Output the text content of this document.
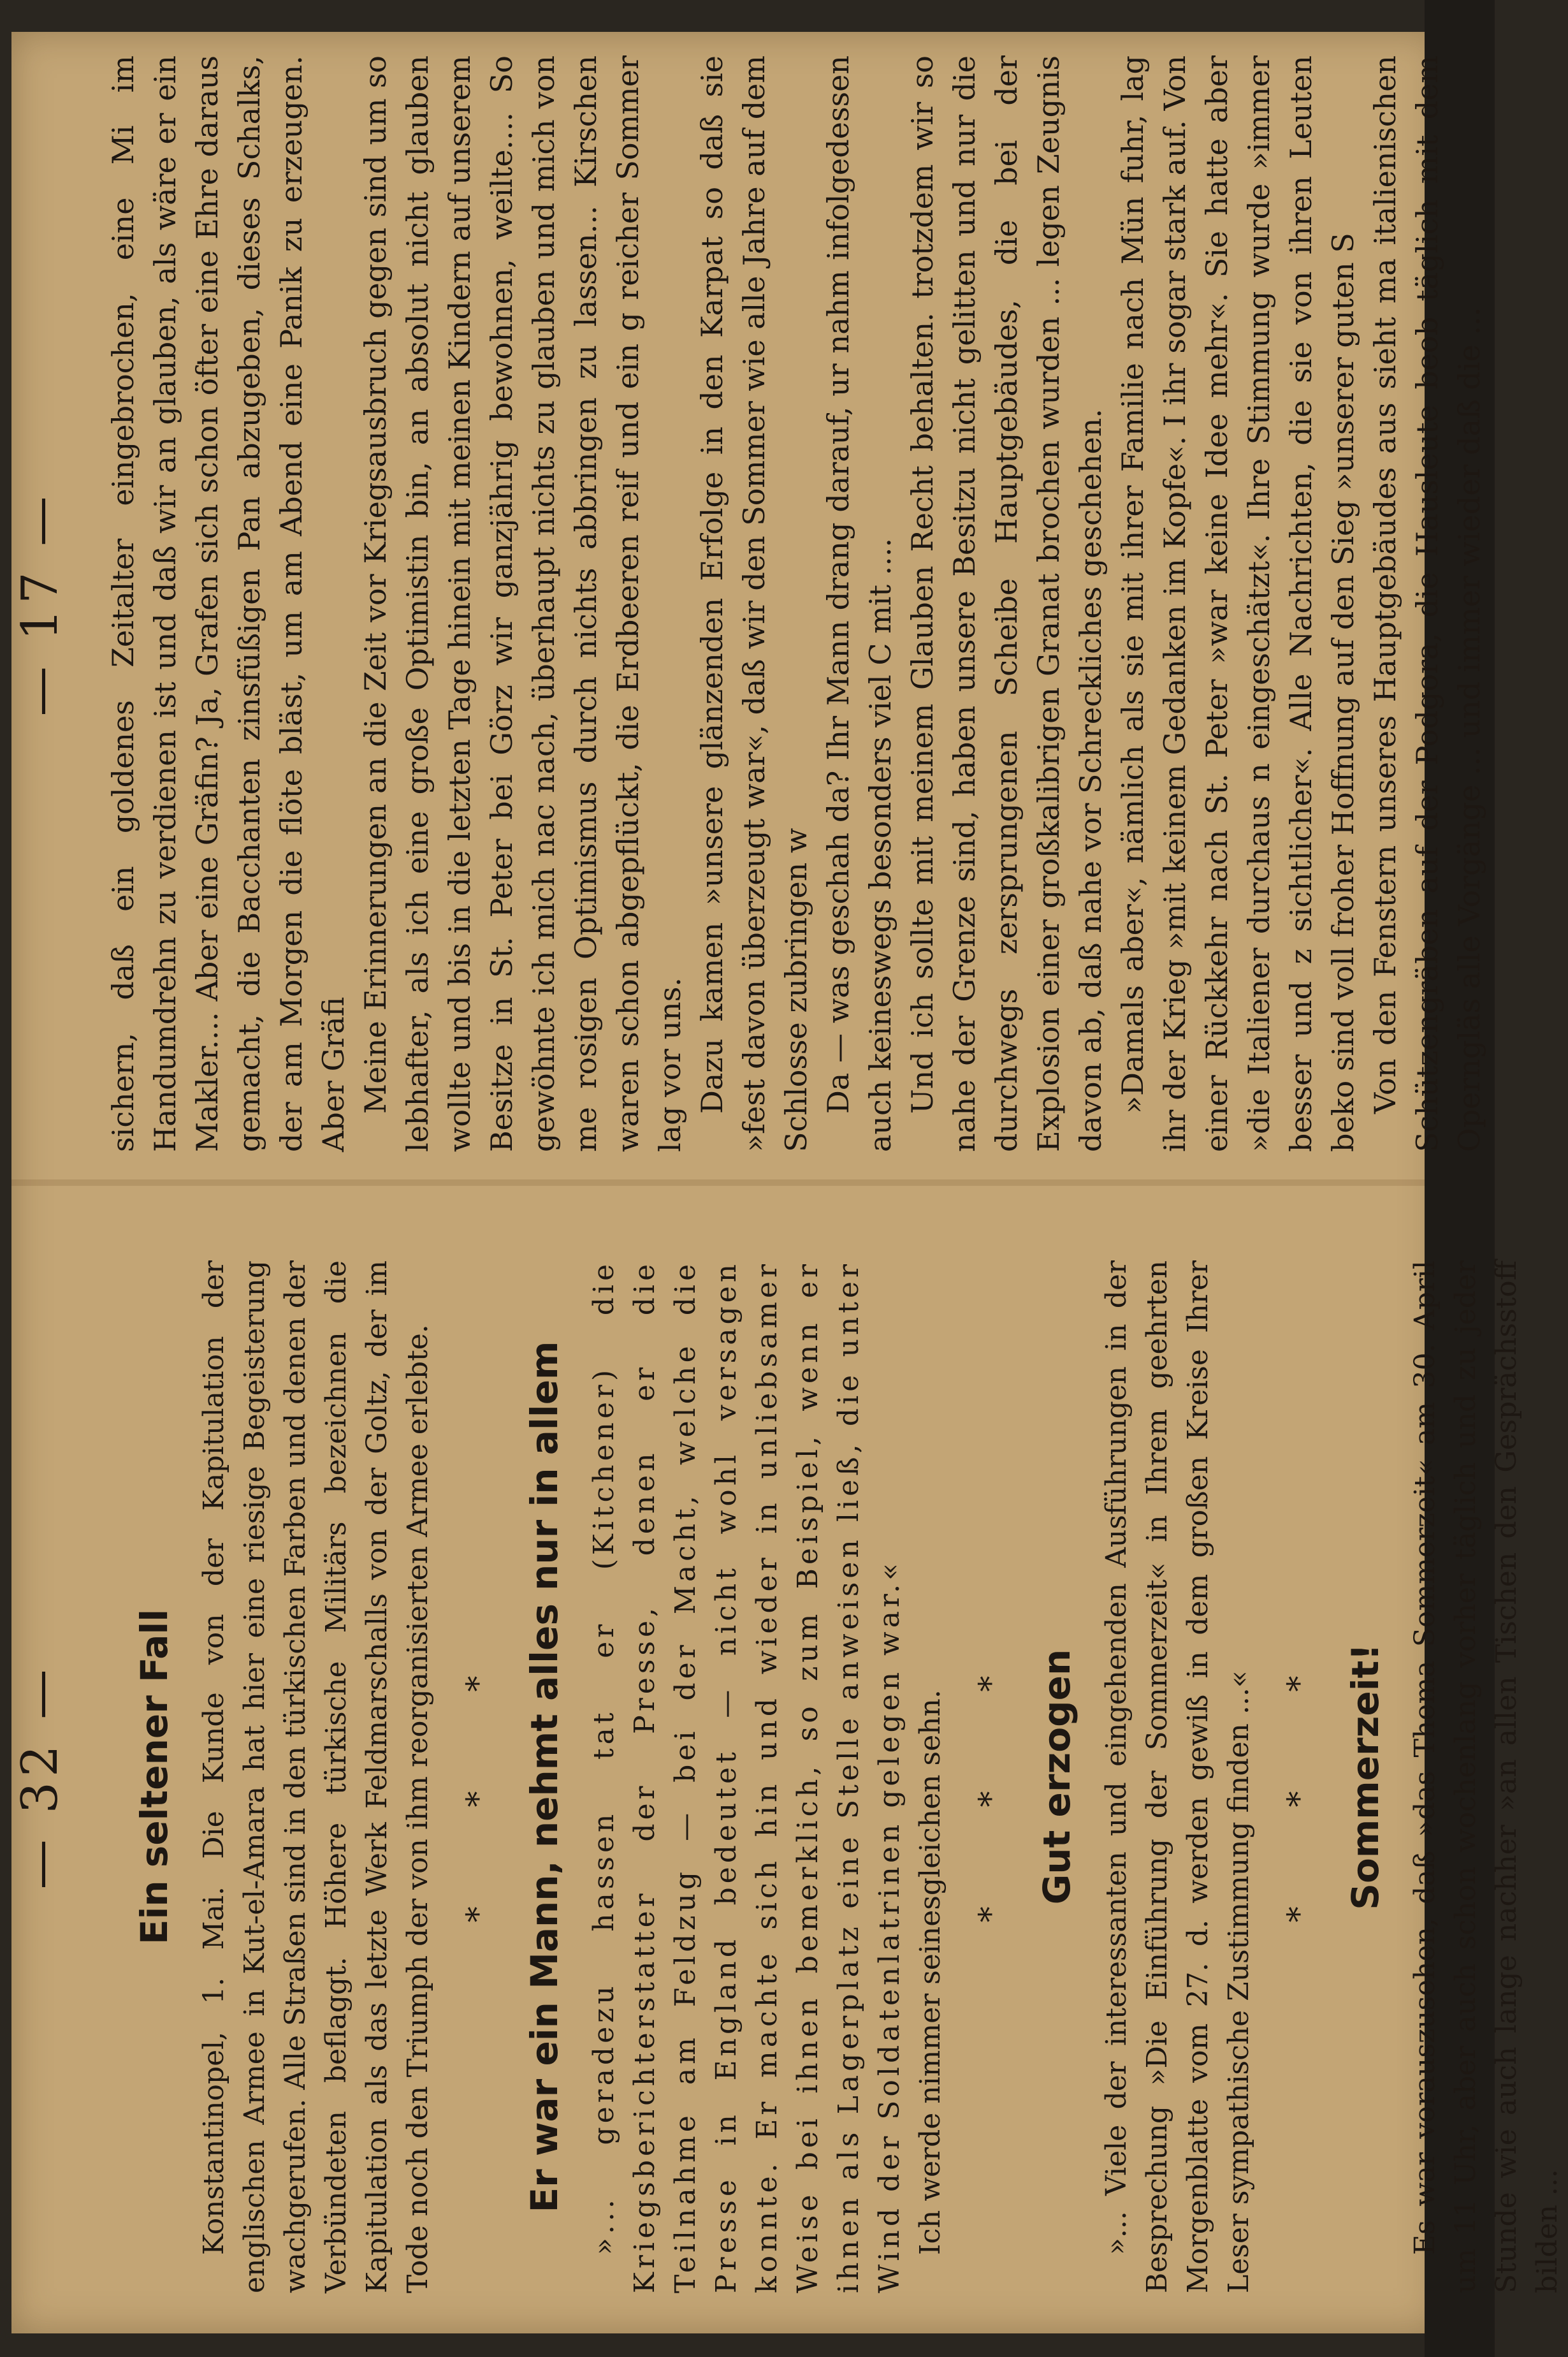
— 32 — Ein seltener Fall Konstantinopel, 1. Mai. Die Kunde von der Kapitulation der englischen Armee in Kut-el-Amara hat hier eine riesige Begeisterung wachgerufen. Alle Straßen sind in den türkischen Farben und denen der Verbündeten beflaggt. Höhere türkische Militärs bezeichnen die Kapitulation als das letzte Werk Feldmarschalls von der Goltz, der im Tode noch den Triumph der von ihm reorganisierten Armee erlebte. * * * Er war ein Mann, nehmt alles nur in allem »... geradezu hassen tat er (Kitchener) die Kriegsberichterstatter der Presse, denen er die Teilnahme am Feldzug — bei der Macht, welche die Presse in England bedeutet — nicht wohl versagen konnte. Er machte sich hin und wieder in unliebsamer Weise bei ihnen bemerklich, so zum Beispiel, wenn er ihnen als Lagerplatz eine Stelle anweisen ließ, die unter Wind der Soldatenlatrinen gelegen war.« Ich werde nimmer seinesgleichen sehn. * * * Gut erzogen »... Viele der interessanten und eingehenden Ausführungen in der Besprechung »Die Einführung der Sommerzeit« in Ihrem geehrten Morgenblatte vom 27. d. werden gewiß in dem großen Kreise Ihrer Leser sympathische Zustimmung finden ...« * * * Sommerzeit! Es war vorauszusehen, daß »das Thema Sommerzeit« am 30. April um 11 Uhr, aber auch schon wochenlang vorher täglich und zu jeder Stunde wie auch lange nachher »an allen Tischen den Gesprächsstoff bilden ...

— 17 — sichern, daß ein goldenes Zeitalter eingebrochen, eine Mi im Handumdrehn zu verdienen ist und daß wir an glauben, als wäre er ein Makler.... Aber eine Gräfin? Ja, Grafen sich schon öfter eine Ehre daraus gemacht, die Bacchanten zinsfüßigen Pan abzugeben, dieses Schalks, der am Morgen die flöte bläst, um am Abend eine Panik zu erzeugen. Aber Gräfi Meine Erinnerungen an die Zeit vor Kriegsausbruch gegen sind um so lebhafter, als ich eine große Optimistin bin, an absolut nicht glauben wollte und bis in die letzten Tage hinein mit meinen Kindern auf unserem Besitze in St. Peter bei Görz wir ganzjährig bewohnen, weilte.... So gewöhnte ich mich nac nach, überhaupt nichts zu glauben und mich von me rosigen Optimismus durch nichts abbringen zu lassen... Kirschen waren schon abgepflückt, die Erdbeeren reif und ein g reicher Sommer lag vor uns. Dazu kamen »unsere glänzenden Erfolge in den Karpat so daß sie »fest davon überzeugt war«, daß wir den Sommer wie alle Jahre auf dem Schlosse zubringen w Da — was geschah da? Ihr Mann drang darauf, ur nahm infolgedessen auch keineswegs besonders viel C mit .... Und ich sollte mit meinem Glauben Recht behalten. trotzdem wir so nahe der Grenze sind, haben unsere Besitzu nicht gelitten und nur die durchwegs zersprungenen Scheibe Hauptgebäudes, die bei der Explosion einer großkalibrigen Granat brochen wurden ... legen Zeugnis davon ab, daß nahe vor Schreckliches geschehen. »Damals aber«, nämlich als sie mit ihrer Familie nach Mün fuhr, lag ihr der Krieg »mit keinem Gedanken im Kopfe«. I ihr sogar stark auf. Von einer Rückkehr nach St. Peter »war keine Idee mehr«. Sie hatte aber »die Italiener durchaus n eingeschätzt«. Ihre Stimmung wurde »immer besser und z sichtlicher«. Alle Nachrichten, die sie von ihren Leuten beko sind voll froher Hoffnung auf den Sieg »unserer guten S Von den Fenstern unseres Hauptgebäudes aus sieht ma italienischen Schützengräben auf der Podgora, die Hausleute beob täglich mit dem Operngläs alle Vorgänge ... und immer wieder daß die ...
